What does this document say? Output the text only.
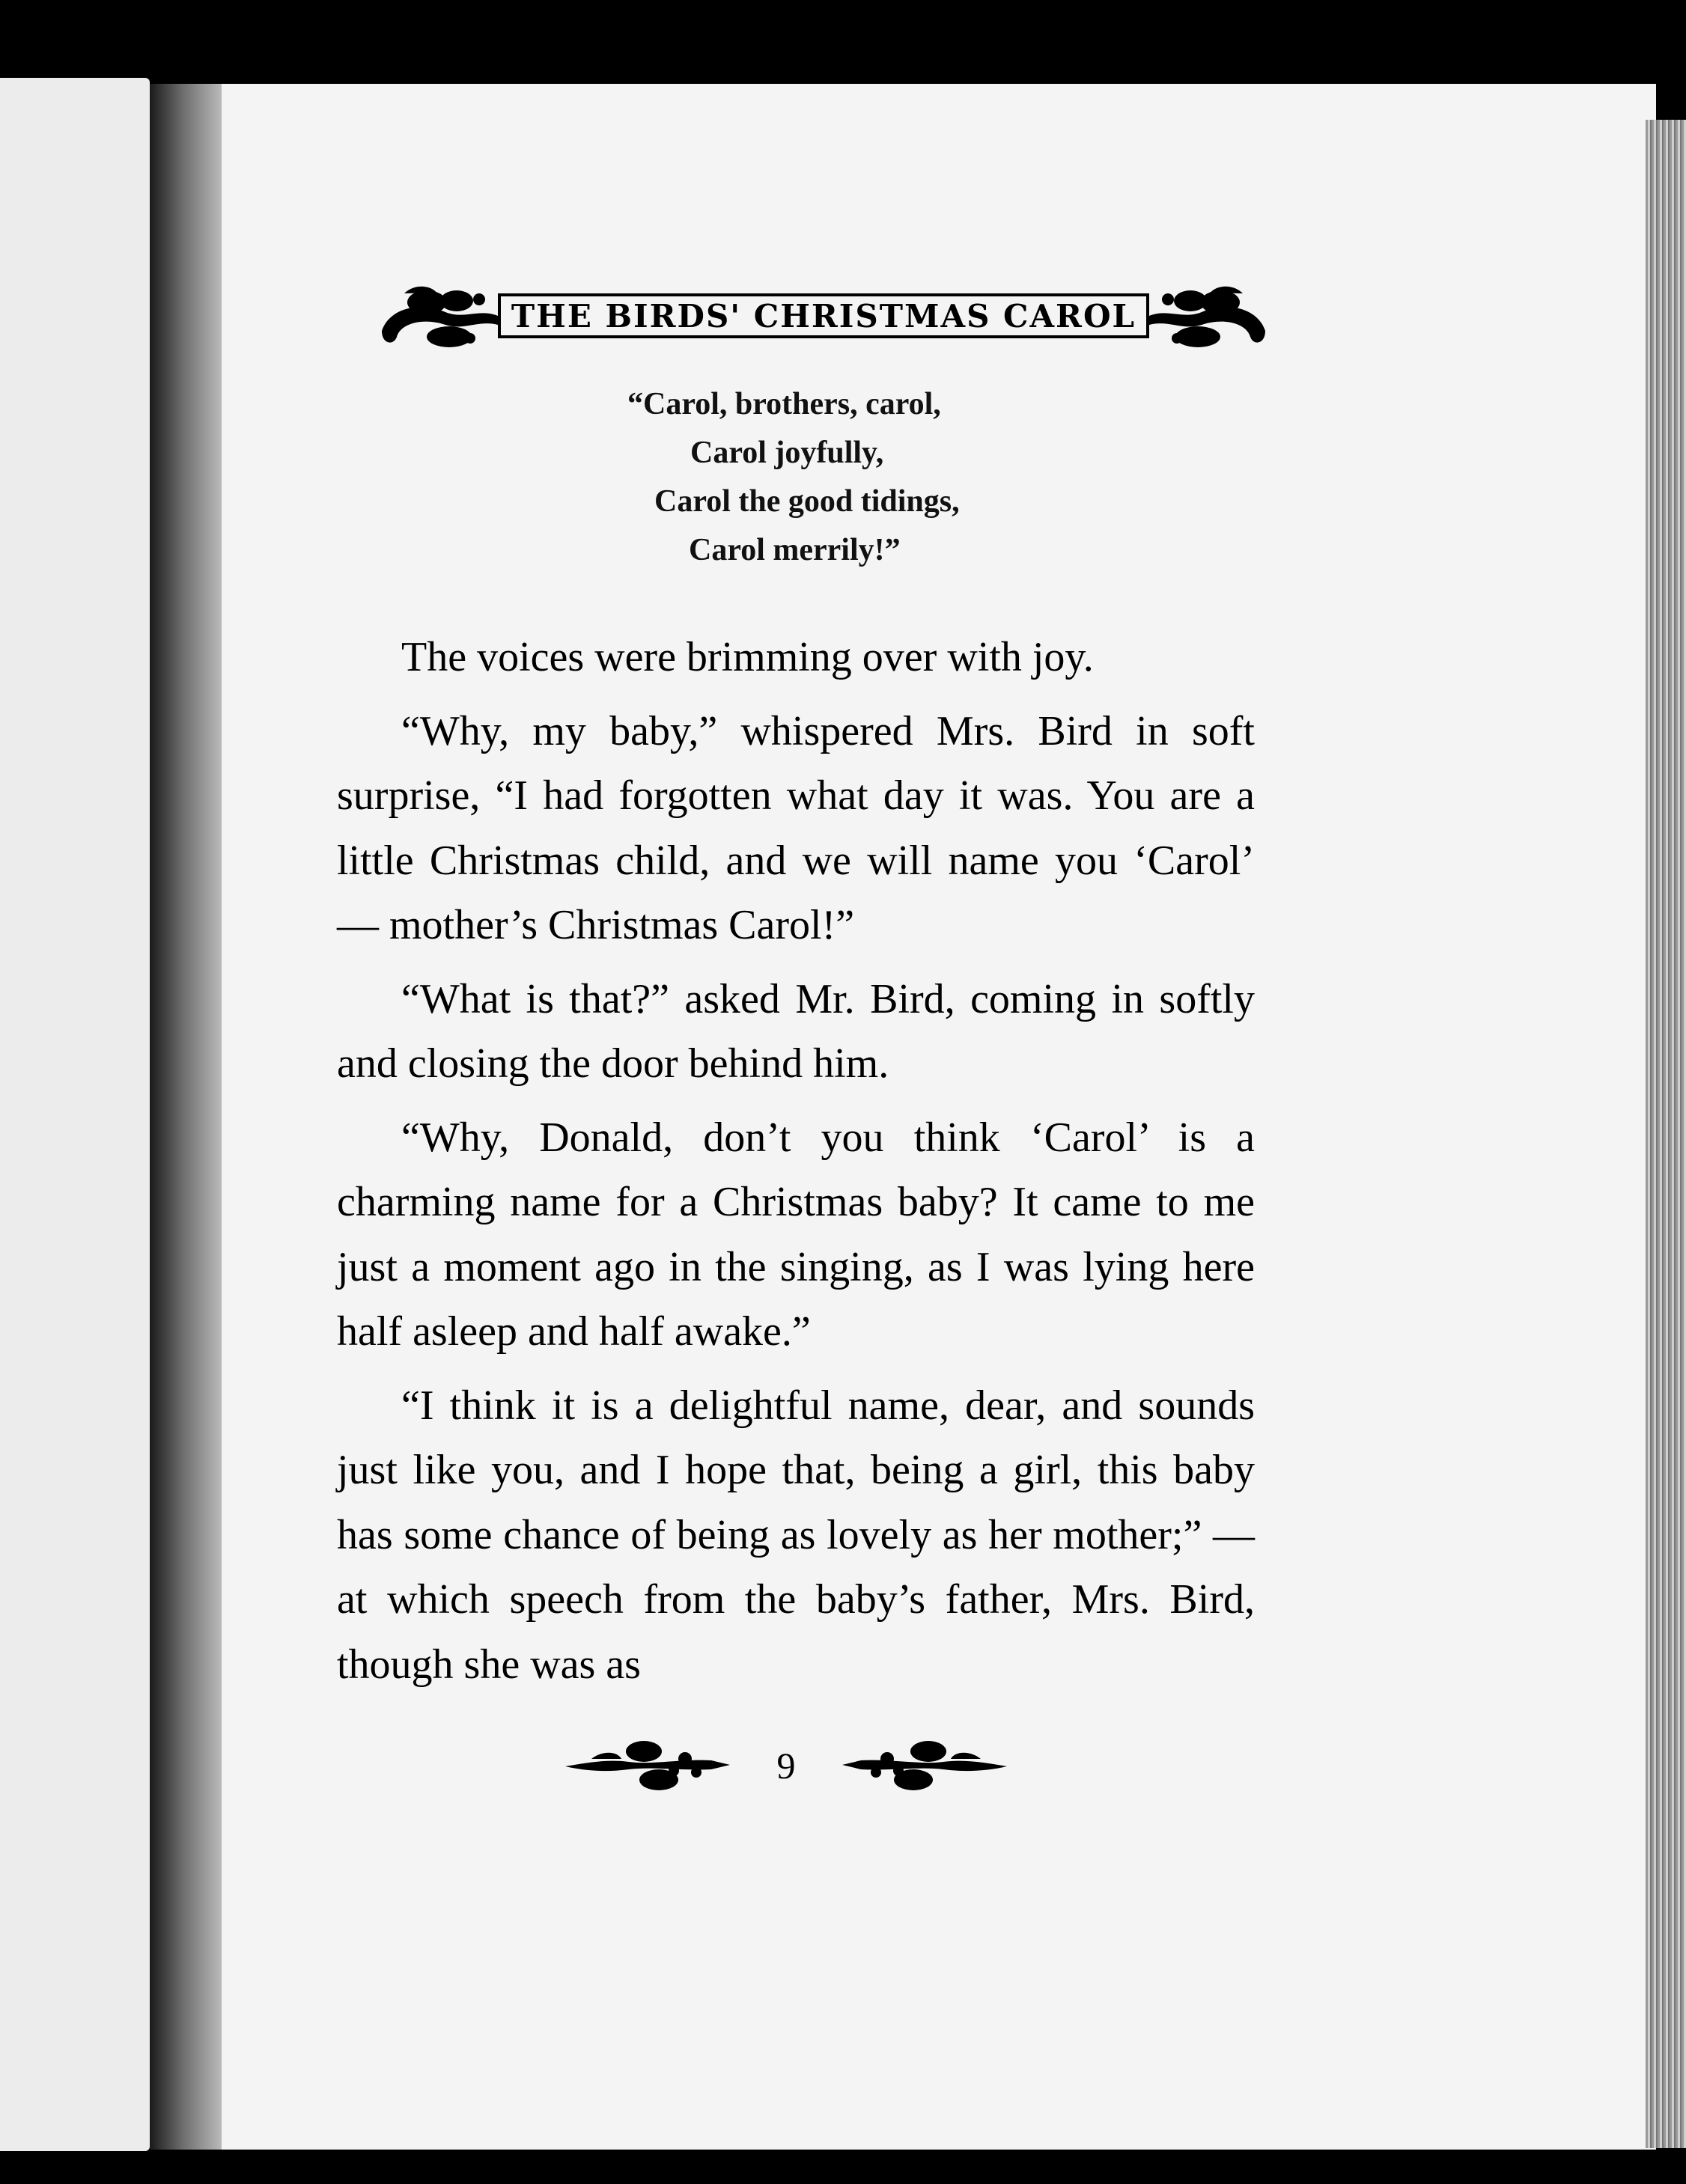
THE BIRDS' CHRISTMAS CAROL
“Carol, brothers, carol,
Carol joyfully,
Carol the good tidings,
Carol merrily!”

The voices were brimming over with joy.

“Why, my baby,” whispered Mrs. Bird in soft surprise, “I had forgotten what day it was. You are a little Christmas child, and we will name you ‘Carol’ — mother’s Christmas Carol!”

“What is that?” asked Mr. Bird, coming in softly and closing the door behind him.

“Why, Donald, don’t you think ‘Carol’ is a charming name for a Christmas baby? It came to me just a moment ago in the singing, as I was lying here half asleep and half awake.”

“I think it is a delightful name, dear, and sounds just like you, and I hope that, being a girl, this baby has some chance of being as lovely as her mother;” — at which speech from the baby’s father, Mrs. Bird, though she was as

9
